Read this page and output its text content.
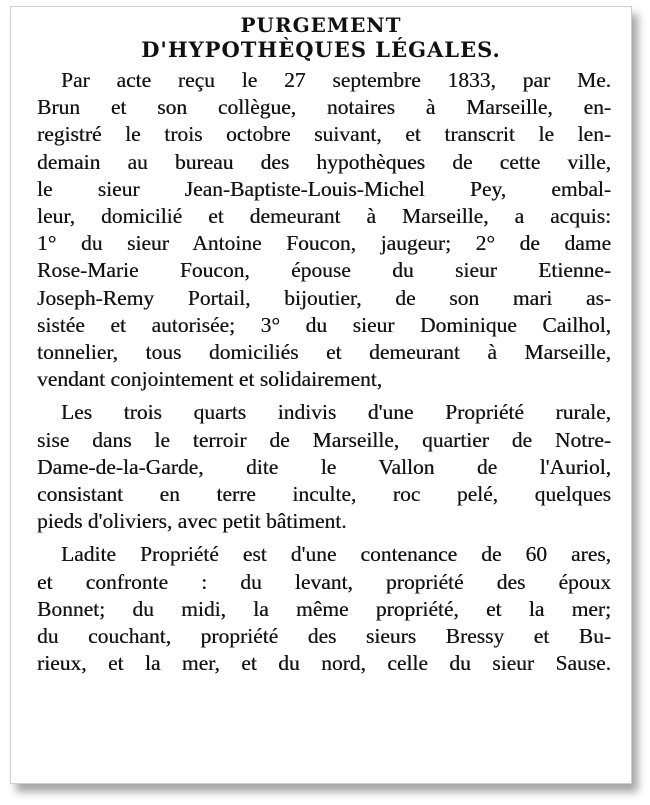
PURGEMENT
D'HYPOTHÈQUES LÉGALES.
Par acte reçu le 27 septembre 1833, par Me.
Brun et son collègue, notaires à Marseille, en-
registré le trois octobre suivant, et transcrit le len-
demain au bureau des hypothèques de cette ville,
le sieur Jean-Baptiste-Louis-Michel Pey, embal-
leur, domicilié et demeurant à Marseille, a acquis:
1° du sieur Antoine Foucon, jaugeur; 2° de dame
Rose-Marie Foucon, épouse du sieur Etienne-
Joseph-Remy Portail, bijoutier, de son mari as-
sistée et autorisée; 3° du sieur Dominique Cailhol,
tonnelier, tous domiciliés et demeurant à Marseille,
vendant conjointement et solidairement,
Les trois quarts indivis d'une Propriété rurale,
sise dans le terroir de Marseille, quartier de Notre-
Dame-de-la-Garde, dite le Vallon de l'Auriol,
consistant en terre inculte, roc pelé, quelques
pieds d'oliviers, avec petit bâtiment.
Ladite Propriété est d'une contenance de 60 ares,
et confronte : du levant, propriété des époux
Bonnet; du midi, la même propriété, et la mer;
du couchant, propriété des sieurs Bressy et Bu-
rieux, et la mer, et du nord, celle du sieur Sause.
